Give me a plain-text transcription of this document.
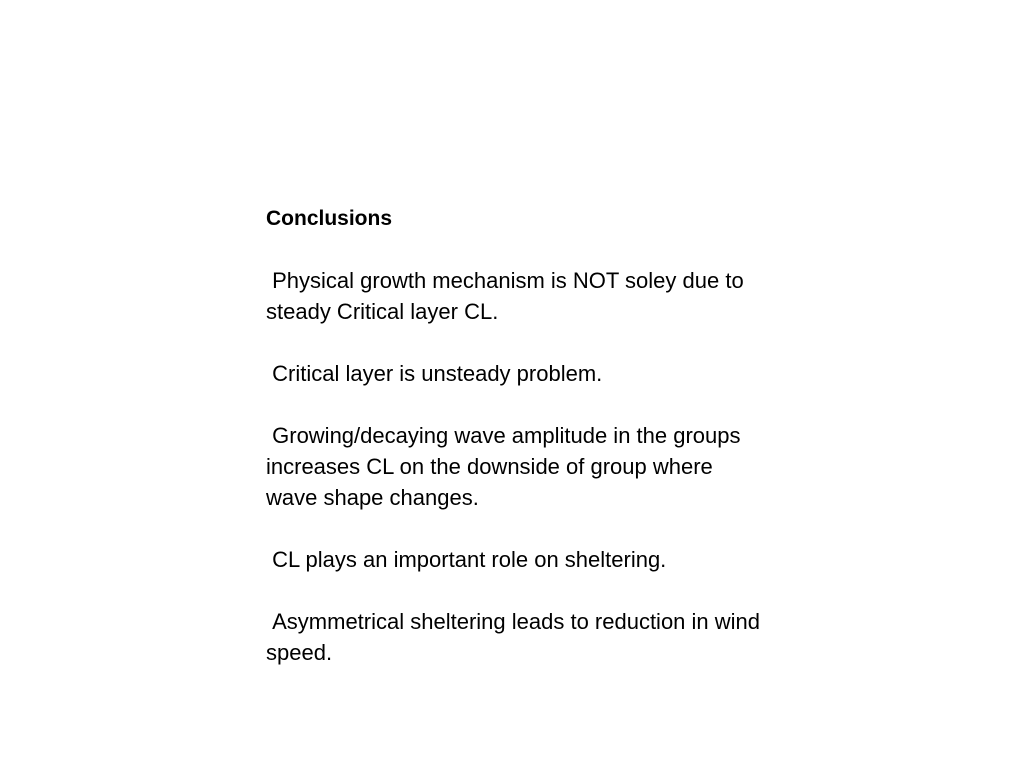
Conclusions
Physical growth mechanism is NOT soley due to steady Critical layer CL.
Critical layer is unsteady problem.
Growing/decaying wave amplitude in the groups increases CL on the downside of group where wave shape changes.
CL plays an important role on sheltering.
Asymmetrical sheltering leads to reduction in wind speed.
